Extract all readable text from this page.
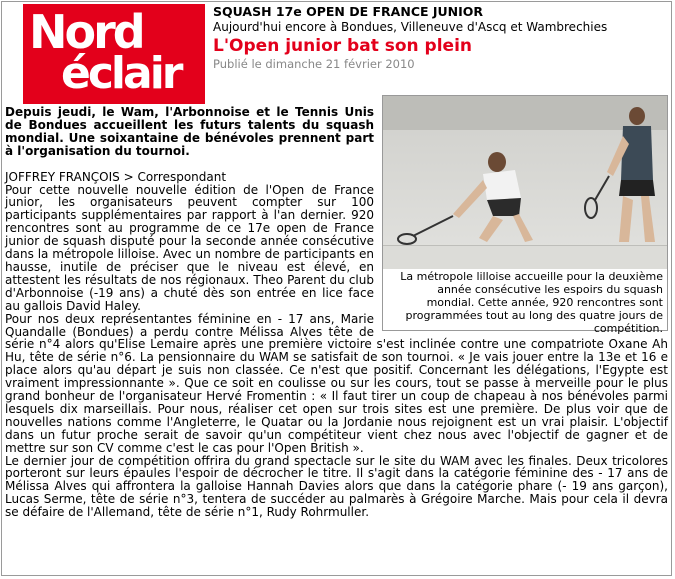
Nord
éclair
SQUASH 17e OPEN DE FRANCE JUNIOR
Aujourd'hui encore à Bondues, Villeneuve d'Ascq et Wambrechies
L'Open junior bat son plein
Publié le dimanche 21 février 2010
La métropole lilloise accueille pour la deuxième année consécutive les espoirs du squash mondial. Cette année, 920 rencontres sont programmées tout au long des quatre jours de compétition.

Depuis jeudi, le Wam, l'Arbonnoise et le Tennis Unis de Bondues accueillent les futurs talents du squash mondial. Une soixantaine de bénévoles prennent part à l'organisation du tournoi.

JOFFREY FRANÇOIS > Correspondant

Pour cette nouvelle nouvelle édition de l'Open de France junior, les organisateurs peuvent compter sur 100 participants supplémentaires par rapport à l'an dernier. 920 rencontres sont au programme de ce 17e open de France junior de squash disputé pour la seconde année consécutive dans la métropole lilloise. Avec un nombre de participants en hausse, inutile de préciser que le niveau est élevé, en attestent les résultats de nos régionaux. Theo Parent du club d'Arbonnoise (-19 ans) a chuté dès son entrée en lice face au gallois David Haley.

Pour nos deux représentantes féminine en - 17 ans, Marie Quandalle (Bondues) a perdu contre Mélissa Alves tête de série n°4 alors qu'Elise Lemaire après une première victoire s'est inclinée contre une compatriote Oxane Ah Hu, tête de série n°6. La pensionnaire du WAM se satisfait de son tournoi. « Je vais jouer entre la 13e et 16 e place alors qu'au départ je suis non classée. Ce n'est que positif. Concernant les délégations, l'Egypte est vraiment impressionnante ». Que ce soit en coulisse ou sur les cours, tout se passe à merveille pour le plus grand bonheur de l'organisateur Hervé Fromentin : « Il faut tirer un coup de chapeau à nos bénévoles parmi lesquels dix marseillais. Pour nous, réaliser cet open sur trois sites est une première. De plus voir que de nouvelles nations comme l'Angleterre, le Quatar ou la Jordanie nous rejoignent est un vrai plaisir. L'objectif dans un futur proche serait de savoir qu'un compétiteur vient chez nous avec l'objectif de gagner et de mettre sur son CV comme c'est le cas pour l'Open British ».

Le dernier jour de compétition offrira du grand spectacle sur le site du WAM avec les finales. Deux tricolores porteront sur leurs épaules l'espoir de décrocher le titre. Il s'agit dans la catégorie féminine des - 17 ans de Mélissa Alves qui affrontera la galloise Hannah Davies alors que dans la catégorie phare (- 19 ans garçon), Lucas Serme, tête de série n°3, tentera de succéder au palmarès à Grégoire Marche. Mais pour cela il devra se défaire de l'Allemand, tête de série n°1, Rudy Rohrmuller.
